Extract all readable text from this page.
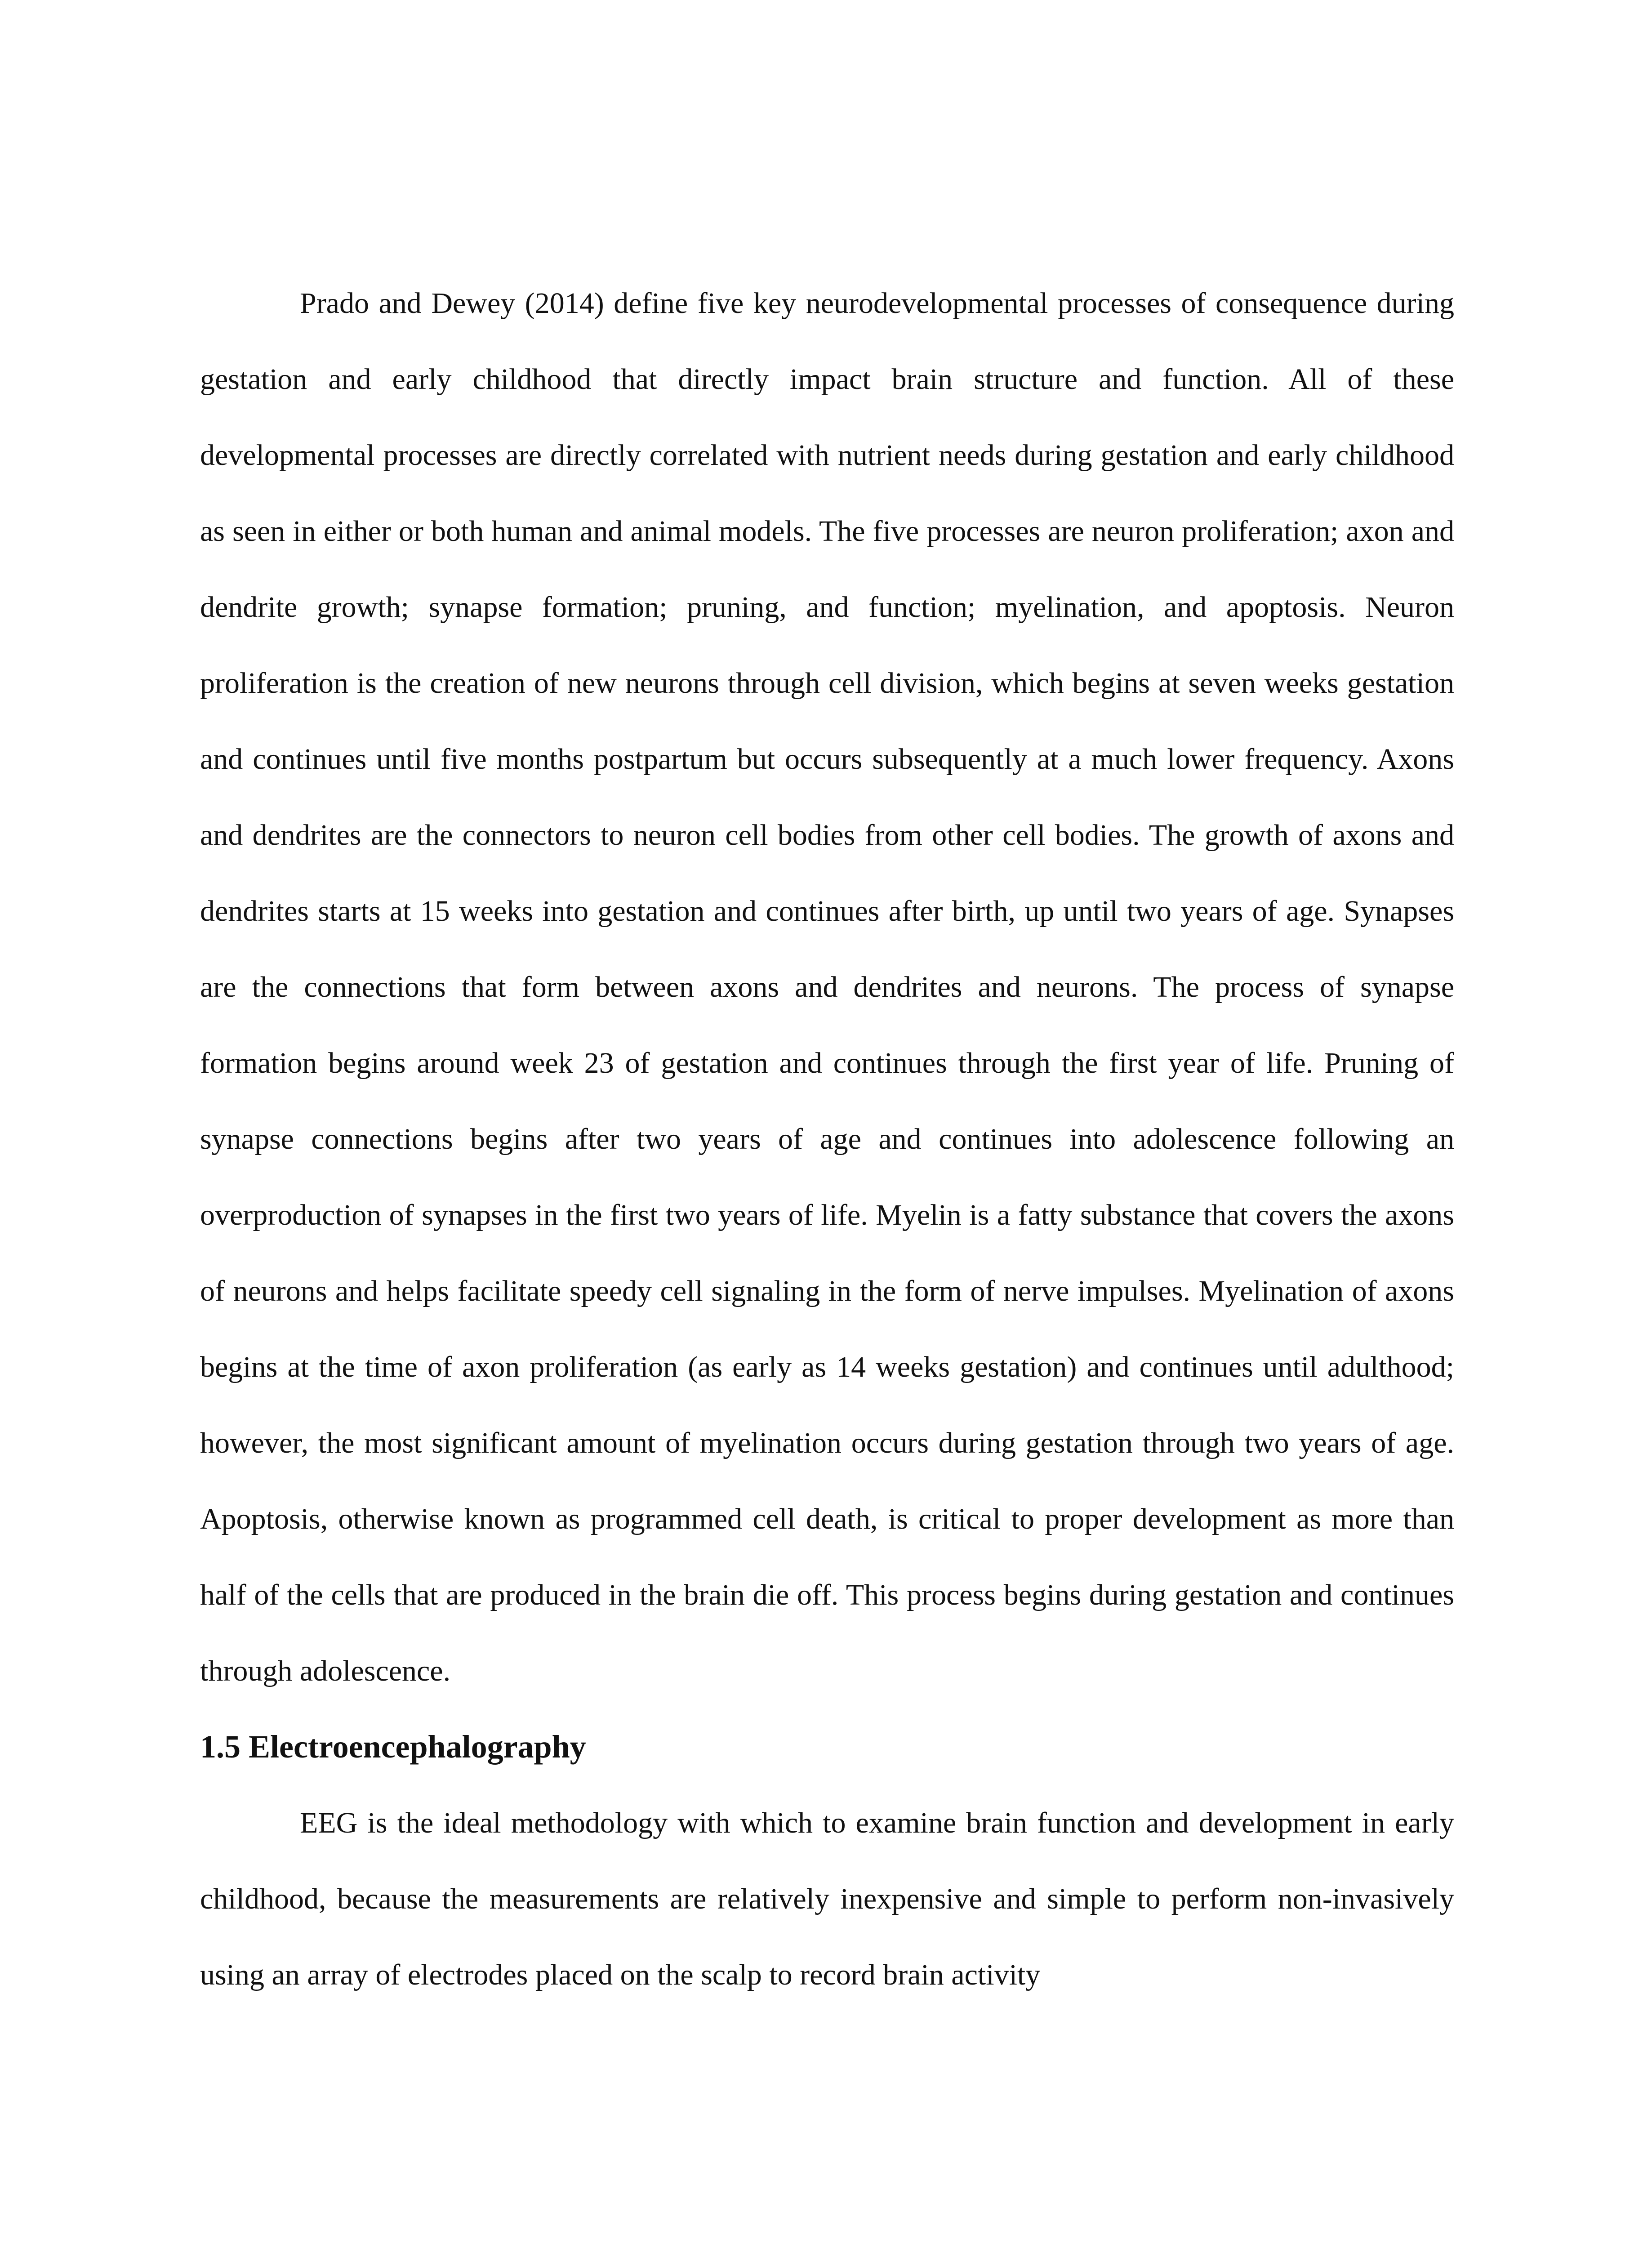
Prado and Dewey (2014) define five key neurodevelopmental processes of consequence during gestation and early childhood that directly impact brain structure and function. All of these developmental processes are directly correlated with nutrient needs during gestation and early childhood as seen in either or both human and animal models. The five processes are neuron proliferation; axon and dendrite growth; synapse formation; pruning, and function; myelination, and apoptosis. Neuron proliferation is the creation of new neurons through cell division, which begins at seven weeks gestation and continues until five months postpartum but occurs subsequently at a much lower frequency. Axons and dendrites are the connectors to neuron cell bodies from other cell bodies. The growth of axons and dendrites starts at 15 weeks into gestation and continues after birth, up until two years of age. Synapses are the connections that form between axons and dendrites and neurons. The process of synapse formation begins around week 23 of gestation and continues through the first year of life. Pruning of synapse connections begins after two years of age and continues into adolescence following an overproduction of synapses in the first two years of life. Myelin is a fatty substance that covers the axons of neurons and helps facilitate speedy cell signaling in the form of nerve impulses. Myelination of axons begins at the time of axon proliferation (as early as 14 weeks gestation) and continues until adulthood; however, the most significant amount of myelination occurs during gestation through two years of age. Apoptosis, otherwise known as programmed cell death, is critical to proper development as more than half of the cells that are produced in the brain die off. This process begins during gestation and continues through adolescence.

1.5 Electroencephalography

EEG is the ideal methodology with which to examine brain function and development in early childhood, because the measurements are relatively inexpensive and simple to perform non-invasively using an array of electrodes placed on the scalp to record brain activity
